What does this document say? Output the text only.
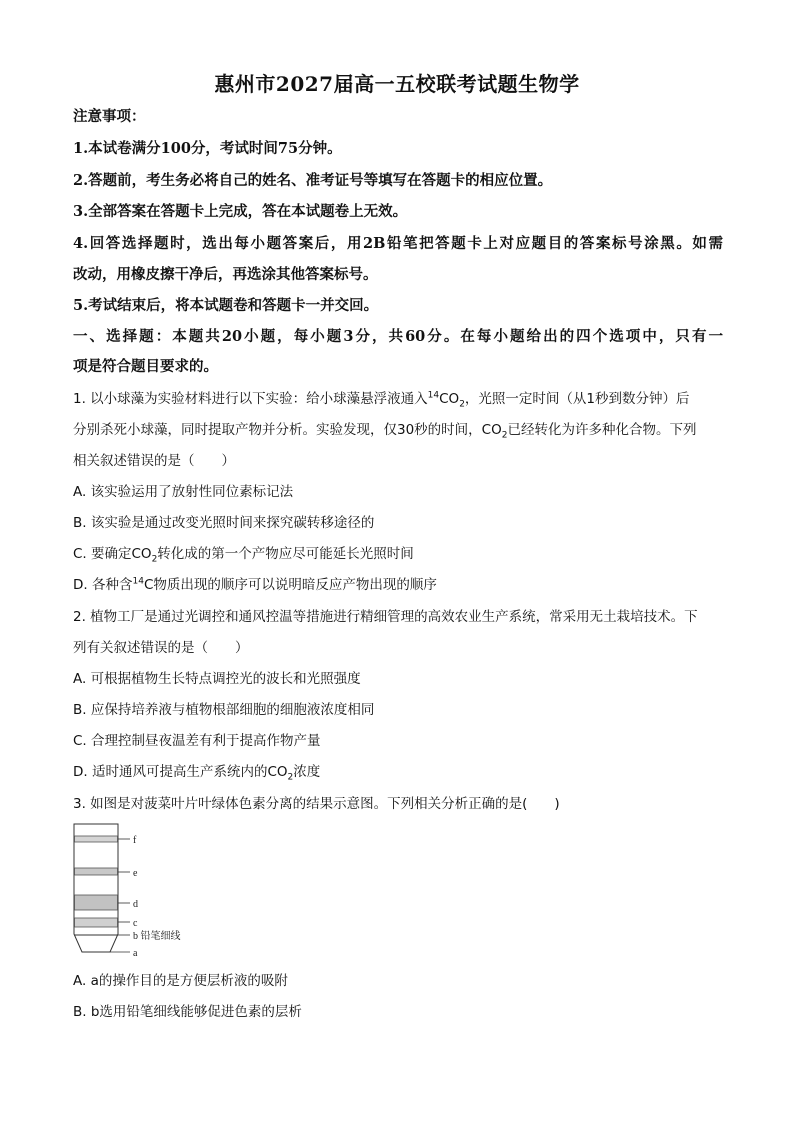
惠州市2027届高一五校联考试题生物学
注意事项：
1.本试卷满分100分，考试时间75分钟。
2.答题前，考生务必将自己的姓名、准考证号等填写在答题卡的相应位置。
3.全部答案在答题卡上完成，答在本试题卷上无效。
4.回答选择题时，选出每小题答案后，用2B铅笔把答题卡上对应题目的答案标号涂黑。如需
改动，用橡皮擦干净后，再选涂其他答案标号。
5.考试结束后，将本试题卷和答题卡一并交回。
一、选择题：本题共20小题，每小题3分，共60分。在每小题给出的四个选项中，只有一
项是符合题目要求的。
1. 以小球藻为实验材料进行以下实验：给小球藻悬浮液通入$^{14}CO_2$，光照一定时间（从1秒到数分钟）后
分别杀死小球藻，同时提取产物并分析。实验发现，仅30秒的时间，$CO_2$已经转化为许多种化合物。下列
相关叙述错误的是（　　）
A. 该实验运用了放射性同位素标记法
B. 该实验是通过改变光照时间来探究碳转移途径的
C. 要确定$CO_2$转化成的第一个产物应尽可能延长光照时间
D. 各种含$^{14}$C物质出现的顺序可以说明暗反应产物出现的顺序
2. 植物工厂是通过光调控和通风控温等措施进行精细管理的高效农业生产系统，常采用无土栽培技术。下
列有关叙述错误的是（　　）
A. 可根据植物生长特点调控光的波长和光照强度
B. 应保持培养液与植物根部细胞的细胞液浓度相同
C. 合理控制昼夜温差有利于提高作物产量
D. 适时通风可提高生产系统内的$CO_2$浓度
3. 如图是对菠菜叶片叶绿体色素分离的结果示意图。下列相关分析正确的是(　　)
f
e
d
c
b 铅笔细线
a
A. a的操作目的是方便层析液的吸附
B. b选用铅笔细线能够促进色素的层析
